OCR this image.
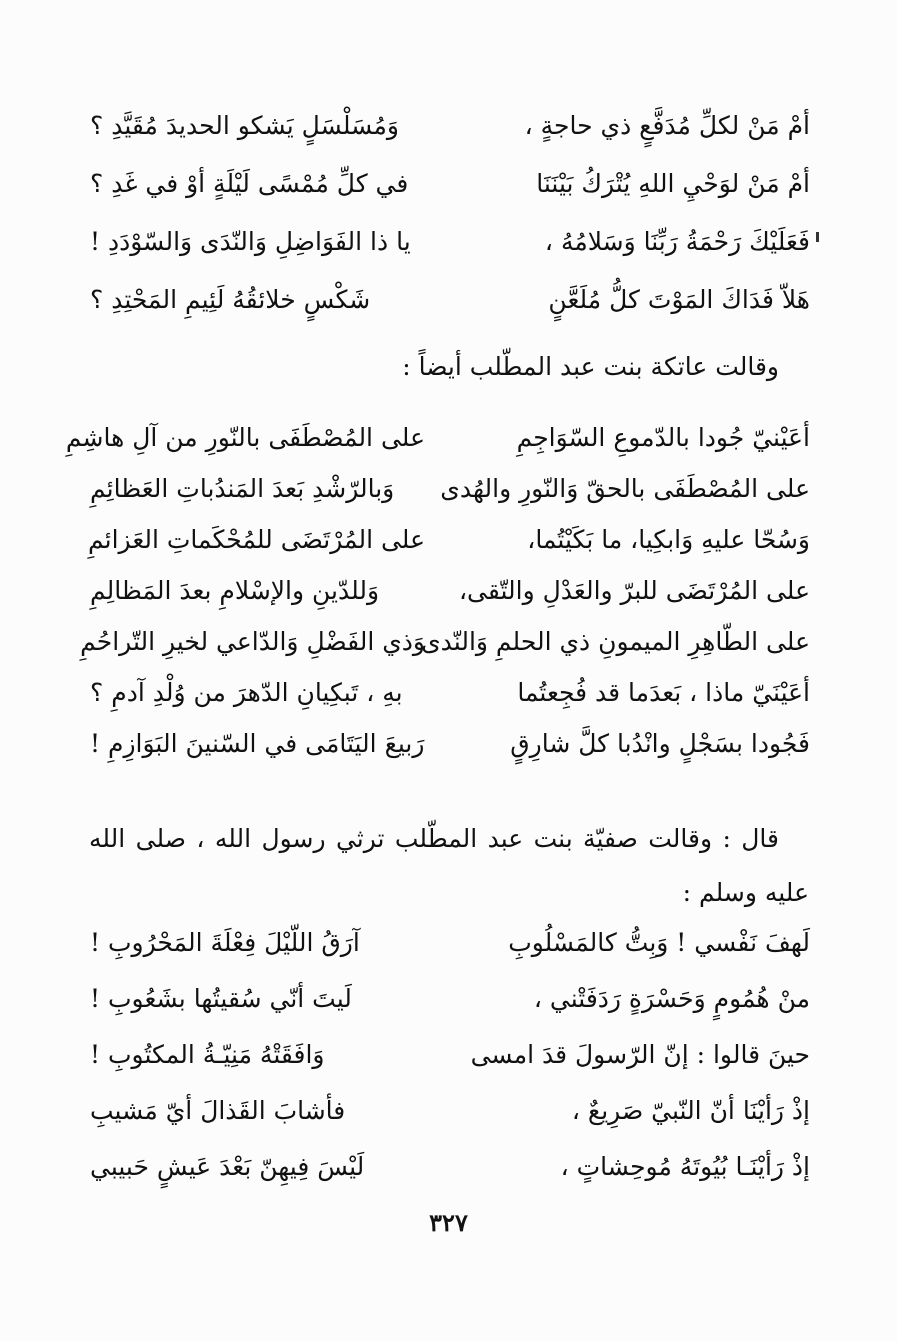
أمْ مَنْ لكلِّ مُدَفَّعٍ ذي حاجةٍ ،
وَمُسَلْسَلٍ يَشكو الحديدَ مُقَيَّدِ ؟
أمْ مَنْ لوَحْيِ اللهِ يُتْرَكُ بَيْنَنَا
في كلِّ مُمْسًى لَيْلَةٍ أوْ في غَدِ ؟
فَعَلَيْكَ رَحْمَةُ رَبِّنَا وَسَلامُهُ ،
يا ذا الفَوَاضِلِ وَالنّدَى وَالسّوْدَدِ !
هَلاّ فَدَاكَ المَوْتَ كلُّ مُلَعَّنٍ
شَكْسٍ خلائقُهُ لَئِيمِ المَحْتِدِ ؟
وقالت عاتكة بنت عبد المطّلب أيضاً :
أعَيْنيّ جُودا بالدّموعِ السّوَاجِمِ
على المُصْطَفَى بالنّورِ من آلِ هاشِمِ
على المُصْطَفَى بالحقّ وَالنّورِ والهُدى
وَبالرّشْدِ بَعدَ المَندُباتِ العَظائِمِ
وَسُحّا عليهِ وَابكِيا، ما بَكَيْتُما،
على المُرْتَضَى للمُحْكَماتِ العَزائمِ
على المُرْتَضَى للبرّ والعَدْلِ والتّقى،
وَللدّينِ والإسْلامِ بعدَ المَظالِمِ
على الطّاهِرِ الميمونِ ذي الحلمِ وَالنّدى
وَذي الفَضْلِ وَالدّاعي لخيرِ التّراحُمِ
أعَيْنَيّ ماذا ، بَعدَما قد فُجِعتُما
بهِ ، تَبكِيانِ الدّهرَ من وُلْدِ آدمِ ؟
فَجُودا بسَجْلٍ وانْدُبا كلَّ شارِقٍ
رَبيعَ اليَتَامَى في السّنينَ البَوَازِمِ !
قال : وقالت صفيّة بنت عبد المطّلب ترثي رسول الله ، صلى الله عليه وسلم :
لَهفَ نَفْسي ! وَبِتُّ كالمَسْلُوبِ
آرَقُ اللّيْلَ فِعْلَةَ المَحْرُوبِ !
منْ هُمُومٍ وَحَسْرَةٍ رَدَفَتْني ،
لَيتَ أنّي سُقيتُها بشَعُوبِ !
حينَ قالوا : إنّ الرّسولَ قدَ امسى
وَافَقَتْهُ مَنِيّـةُ المكتُوبِ !
إذْ رَأيْنَا أنّ النّبيّ صَرِيعٌ ،
فأشابَ القَذالَ أيّ مَشيبِ
إذْ رَأيْنَـا بُيُوتَهُ مُوحِشاتٍ ،
لَيْسَ فِيهِنّ بَعْدَ عَيشٍ حَبيبي
٣٢٧
